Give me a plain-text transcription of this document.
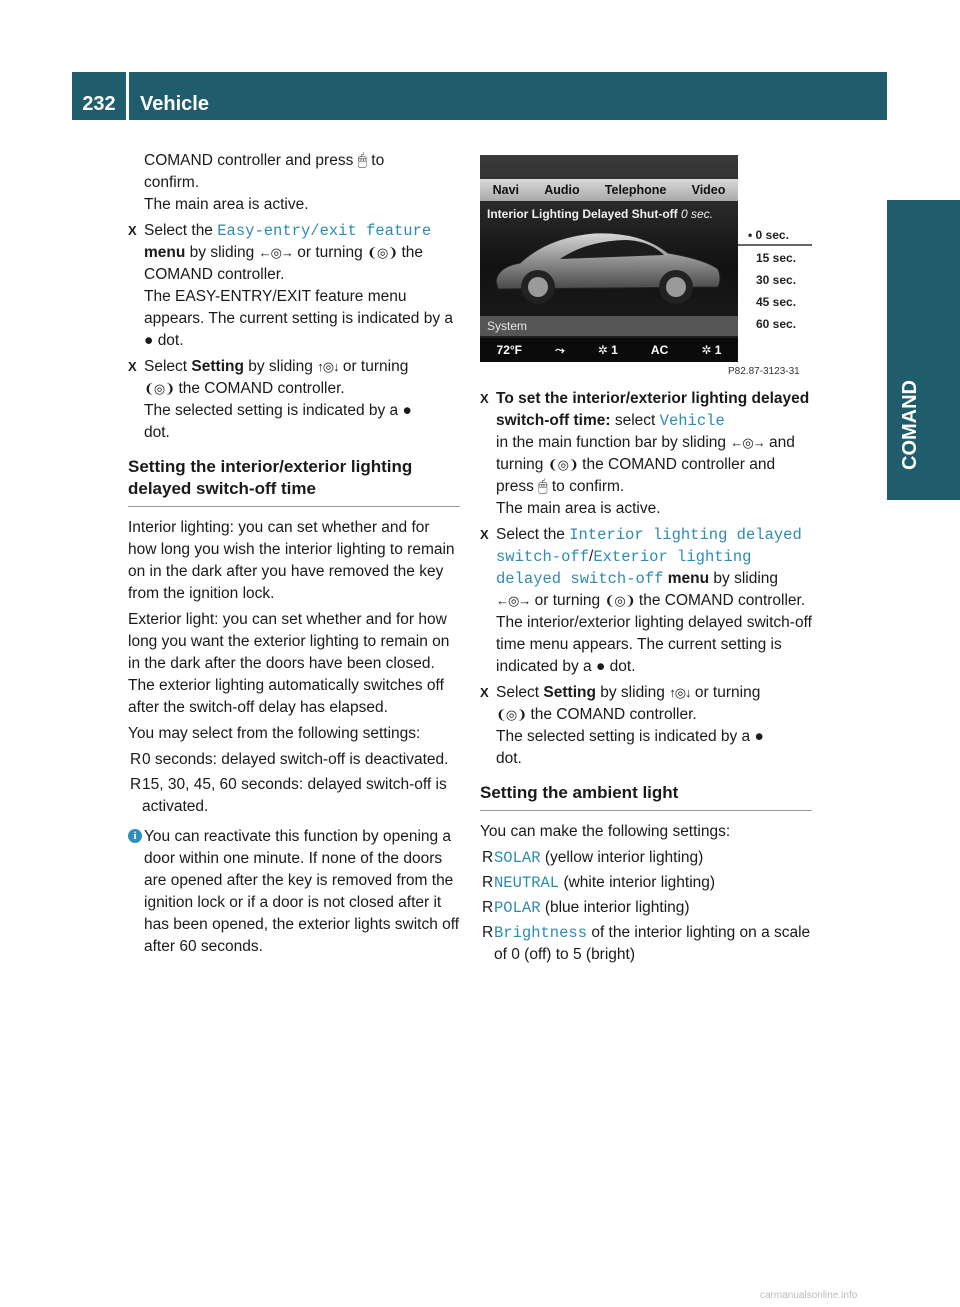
232	Vehicle
COMAND
COMAND controller and press 🖱 to
confirm.
The main area is active.
X Select the Easy-entry/exit feature menu by sliding ←◎→ or turning ❨◎❩ the COMAND controller.
The EASY-ENTRY/EXIT feature menu appears. The current setting is indicated by a ● dot.
X Select Setting by sliding ↑◎↓ or turning
❨◎❩ the COMAND controller.
The selected setting is indicated by a ●
dot.
Setting the interior/exterior lighting delayed switch-off time

Interior lighting: you can set whether and for how long you wish the interior lighting to remain on in the dark after you have removed the key from the ignition lock.

Exterior light: you can set whether and for how long you want the exterior lighting to remain on in the dark after the doors have been closed. The exterior lighting automatically switches off after the switch-off delay has elapsed.

You may select from the following settings:

R 0 seconds: delayed switch-off is deactivated.
R 15, 30, 45, 60 seconds: delayed switch-off is activated.
i You can reactivate this function by opening a door within one minute. If none of the doors are opened after the key is removed from the ignition lock or if a door is not closed after it has been opened, the exterior lights switch off after 60 seconds.
Navi Audio Telephone Video
Interior Lighting Delayed Shut-off 0 sec.
System
72°F	⤳	✲ 1	AC	✲ 1
• 0 sec.
15 sec.
30 sec.
45 sec.
60 sec.
P82.87-3123-31
X To set the interior/exterior lighting delayed switch-off time: select Vehicle
in the main function bar by sliding ←◎→ and
turning ❨◎❩ the COMAND controller and
press 🖱 to confirm.
The main area is active.
X Select the Interior lighting delayed switch-off/Exterior lighting delayed switch-off menu by sliding ←◎→ or turning ❨◎❩ the COMAND controller.
The interior/exterior lighting delayed switch-off time menu appears. The current setting is indicated by a ● dot.
X Select Setting by sliding ↑◎↓ or turning
❨◎❩ the COMAND controller.
The selected setting is indicated by a ●
dot.
Setting the ambient light

You can make the following settings:

R SOLAR (yellow interior lighting)
R NEUTRAL (white interior lighting)
R POLAR (blue interior lighting)
R Brightness of the interior lighting on a scale of 0 (off) to 5 (bright)
carmanualsonline.info
